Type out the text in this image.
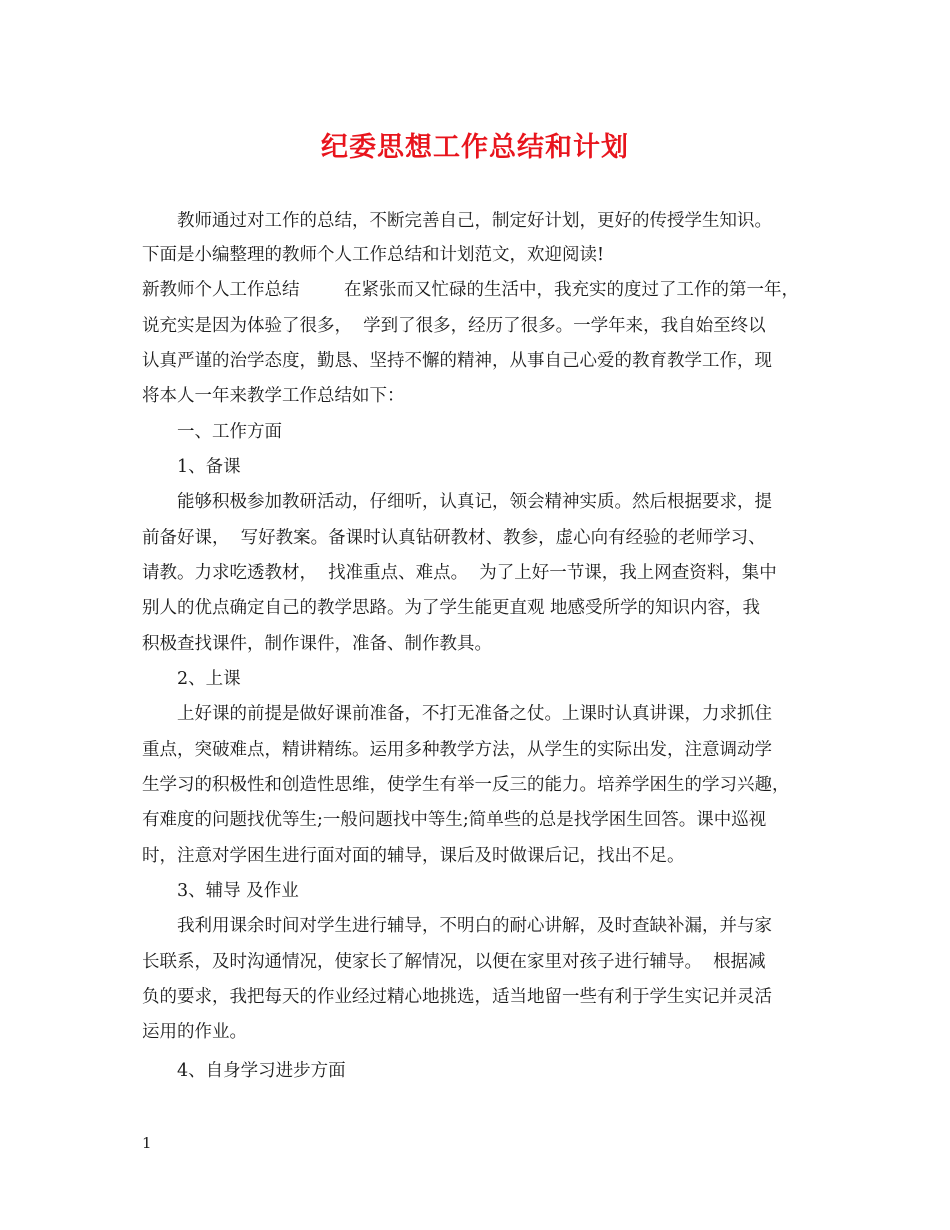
纪委思想工作总结和计划
教师通过对工作的总结，不断完善自己，制定好计划，更好的传授学生知识。
下面是小编整理的教师个人工作总结和计划范文，欢迎阅读!
新教师个人工作总结        在紧张而又忙碌的生活中，我充实的度过了工作的第一年，
说充实是因为体验了很多，  学到了很多，经历了很多。一学年来，我自始至终以
认真严谨的治学态度，勤恳、坚持不懈的精神，从事自己心爱的教育教学工作，现
将本人一年来教学工作总结如下：
一、工作方面
1、备课
能够积极参加教研活动，仔细听，认真记，领会精神实质。然后根据要求，提
前备好课，  写好教案。备课时认真钻研教材、教参，虚心向有经验的老师学习、
请教。力求吃透教材，  找准重点、难点。  为了上好一节课，我上网查资料，集中
别人的优点确定自己的教学思路。为了学生能更直观 地感受所学的知识内容，我
积极查找课件，制作课件，准备、制作教具。
2、上课
上好课的前提是做好课前准备，不打无准备之仗。上课时认真讲课，力求抓住
重点，突破难点，精讲精练。运用多种教学方法，从学生的实际出发，注意调动学
生学习的积极性和创造性思维，使学生有举一反三的能力。培养学困生的学习兴趣，
有难度的问题找优等生;一般问题找中等生;简单些的总是找学困生回答。课中巡视
时，注意对学困生进行面对面的辅导，课后及时做课后记，找出不足。
3、辅导 及作业
我利用课余时间对学生进行辅导，不明白的耐心讲解，及时查缺补漏，并与家
长联系，及时沟通情况，使家长了解情况，以便在家里对孩子进行辅导。  根据减
负的要求，我把每天的作业经过精心地挑选，适当地留一些有利于学生实记并灵活
运用的作业。
4、自身学习进步方面
1
